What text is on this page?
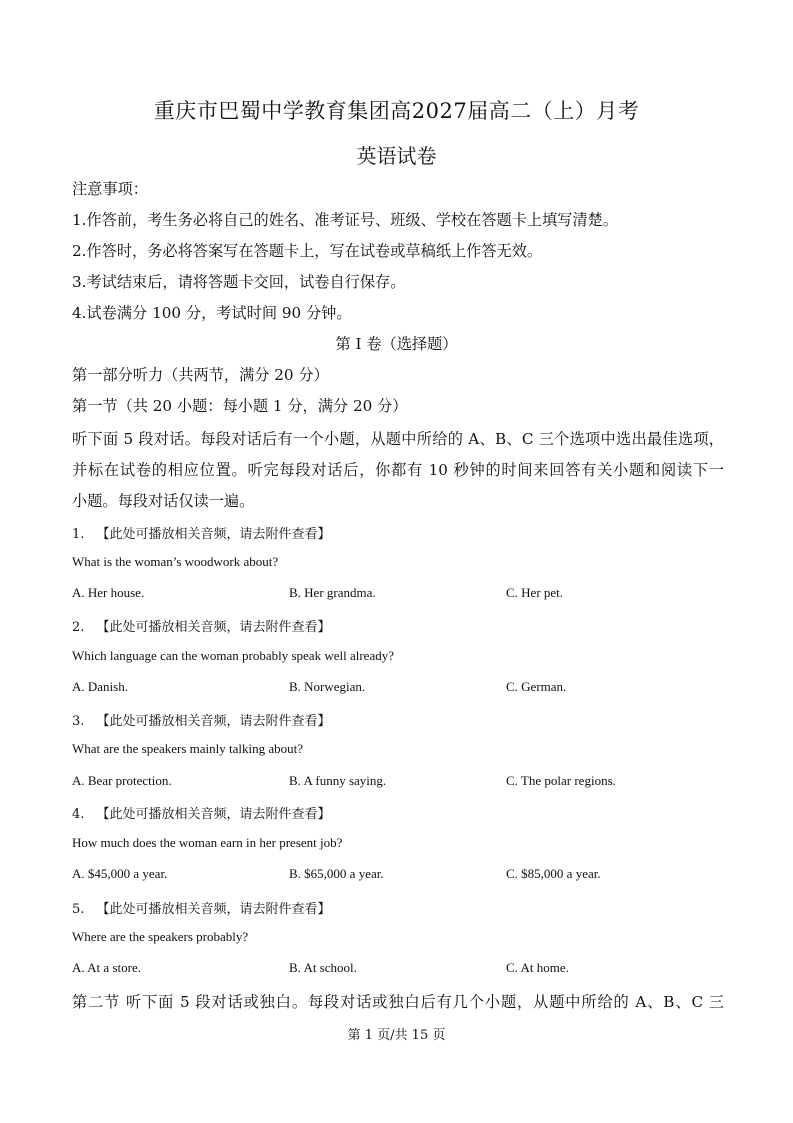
重庆市巴蜀中学教育集团高2027届高二（上）月考
英语试卷
注意事项：
1.作答前，考生务必将自己的姓名、准考证号、班级、学校在答题卡上填写清楚。
2.作答时，务必将答案写在答题卡上，写在试卷或草稿纸上作答无效。
3.考试结束后，请将答题卡交回，试卷自行保存。
4.试卷满分 100 分，考试时间 90 分钟。
第 I 卷（选择题）
第一部分听力（共两节，满分 20 分）
第一节（共 20 小题：每小题 1 分，满分 20 分）
听下面 5 段对话。每段对话后有一个小题，从题中所给的 A、B、C 三个选项中选出最佳选项，
并标在试卷的相应位置。听完每段对话后，你都有 10 秒钟的时间来回答有关小题和阅读下一
小题。每段对话仅读一遍。
1. 【此处可播放相关音频，请去附件查看】
What is the woman’s woodwork about?
A. Her house.	B. Her grandma.	C. Her pet.
2. 【此处可播放相关音频，请去附件查看】
Which language can the woman probably speak well already?
A. Danish.	B. Norwegian.	C. German.
3. 【此处可播放相关音频，请去附件查看】
What are the speakers mainly talking about?
A. Bear protection.	B. A funny saying.	C. The polar regions.
4. 【此处可播放相关音频，请去附件查看】
How much does the woman earn in her present job?
A. $45,000 a year.	B. $65,000 a year.	C. $85,000 a year.
5. 【此处可播放相关音频，请去附件查看】
Where are the speakers probably?
A. At a store.	B. At school.	C. At home.
第二节 听下面 5 段对话或独白。每段对话或独白后有几个小题，从题中所给的 A、B、C 三
第 1 页/共 15 页
